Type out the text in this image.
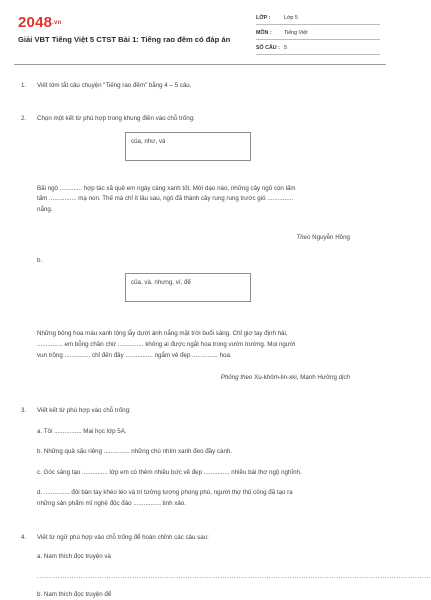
2048.vn
Giải VBT Tiếng Việt 5 CTST Bài 1: Tiếng rao đêm có đáp án
LỚP :	Lớp 5
MÔN : Tiếng Việt
SỐ CÂU : 5
1. Viết tóm tắt câu chuyện “Tiếng rao đêm” bằng 4 – 5 câu.
2. Chọn một kết từ phù hợp trong khung điền vào chỗ trống:
của, như, và
Bãi ngô ............. hợp tác xã quê em ngày càng xanh tốt. Mới dạo nào, những cây ngô còn lấm
tấm ................ mạ non. Thế mà chỉ ít lâu sau, ngô đã thành cây rung rung trước gió ...............
nắng.
Theo Nguyễn Hồng
b.
của, và, nhưng, vì, để
Những bông hoa màu xanh lộng lẫy dưới ánh nắng mặt trời buổi sáng. Chỉ giơ tay định hái,
............... em bỗng chần chừ ............... không ai được ngắt hoa trong vườn trường. Mọi người
vun trồng ............... chỉ đến đây ................ ngắm vẻ đẹp ............... hoa.
Phỏng theo Xu-khôm-lin-xki, Mạnh Hưởng dịch
3. Viết kết từ phù hợp vào chỗ trống:
a. Tôi ................ Mai học lớp 5A.
b. Những quả sấu riêng ............... những chú nhím xanh đeo đầy cành.
c. Góc sáng tạo ............... lớp em có thêm nhiều bức vẽ đẹp ............... nhiều bài thơ ngộ nghĩnh.
d. ............... đôi bàn tay khéo léo và trí tưởng tượng phong phú, người thợ thủ công đã tạo ra
những sản phẩm mĩ nghệ độc đáo ................ tinh xảo.
4. Viết từ ngữ phù hợp vào chỗ trống để hoàn chỉnh các câu sau:
a. Nam thích đọc truyện và
..........................................................................................................................................................................
b. Nam thích đọc truyện để
